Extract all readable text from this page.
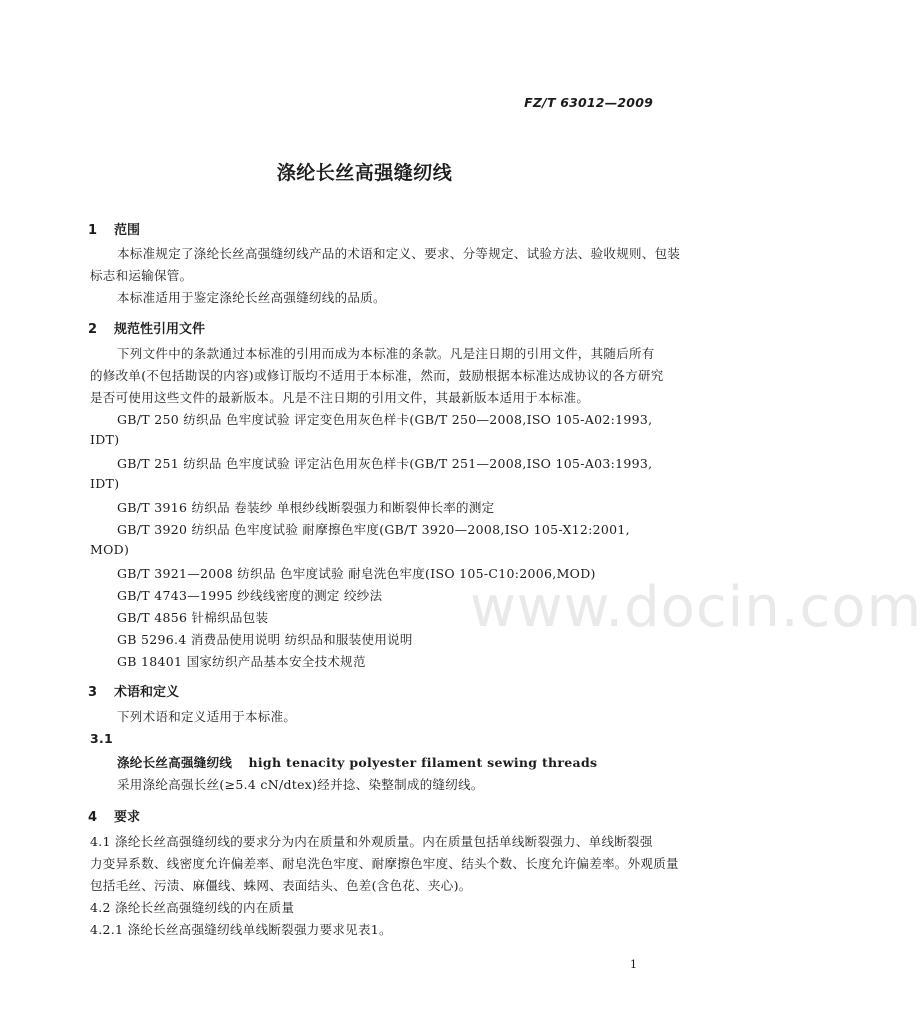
www.docin.com
FZ/T 63012—2009
涤纶长丝高强缝纫线
1 范围
本标准规定了涤纶长丝高强缝纫线产品的术语和定义、要求、分等规定、试验方法、验收规则、包装
标志和运输保管。
本标准适用于鉴定涤纶长丝高强缝纫线的品质。
2 规范性引用文件
下列文件中的条款通过本标准的引用而成为本标准的条款。凡是注日期的引用文件，其随后所有
的修改单(不包括勘误的内容)或修订版均不适用于本标准，然而，鼓励根据本标准达成协议的各方研究
是否可使用这些文件的最新版本。凡是不注日期的引用文件，其最新版本适用于本标准。
GB/T 250 纺织品 色牢度试验 评定变色用灰色样卡(GB/T 250—2008,ISO 105-A02:1993,
IDT)
GB/T 251 纺织品 色牢度试验 评定沾色用灰色样卡(GB/T 251—2008,ISO 105-A03:1993,
IDT)
GB/T 3916 纺织品 卷装纱 单根纱线断裂强力和断裂伸长率的测定
GB/T 3920 纺织品 色牢度试验 耐摩擦色牢度(GB/T 3920—2008,ISO 105-X12:2001,
MOD)
GB/T 3921—2008 纺织品 色牢度试验 耐皂洗色牢度(ISO 105-C10:2006,MOD)
GB/T 4743—1995 纱线线密度的测定 绞纱法
GB/T 4856 针棉织品包装
GB 5296.4 消费品使用说明 纺织品和服装使用说明
GB 18401 国家纺织产品基本安全技术规范
3 术语和定义
下列术语和定义适用于本标准。
3.1
涤纶长丝高强缝纫线 high tenacity polyester filament sewing threads
采用涤纶高强长丝(≥5.4 cN/dtex)经并捻、染整制成的缝纫线。
4 要求
4.1 涤纶长丝高强缝纫线的要求分为内在质量和外观质量。内在质量包括单线断裂强力、单线断裂强
力变异系数、线密度允许偏差率、耐皂洗色牢度、耐摩擦色牢度、结头个数、长度允许偏差率。外观质量
包括毛丝、污渍、麻僵线、蛛网、表面结头、色差(含色花、夹心)。
4.2 涤纶长丝高强缝纫线的内在质量
4.2.1 涤纶长丝高强缝纫线单线断裂强力要求见表1。
1
